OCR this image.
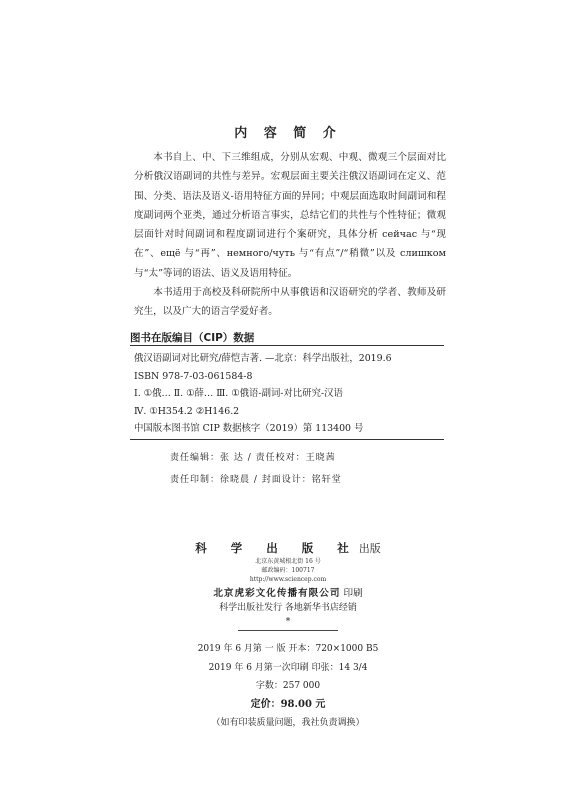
内 容 简 介

本书自上、中、下三维组成，分别从宏观、中观、微观三个层面对比分析俄汉语副词的共性与差异。宏观层面主要关注俄汉语副词在定义、范围、分类、语法及语义-语用特征方面的异同；中观层面选取时间副词和程度副词两个亚类，通过分析语言事实，总结它们的共性与个性特征；微观层面针对时间副词和程度副词进行个案研究，具体分析 сейчас 与“现在”、ещё 与“再”、немного/чуть 与“有点”/“稍微”以及 слишком 与“太”等词的语法、语义及语用特征。

本书适用于高校及科研院所中从事俄语和汉语研究的学者、教师及研究生，以及广大的语言学爱好者。

图书在版编目（CIP）数据
俄汉语副词对比研究/薛恺吉著. —北京：科学出版社，2019.6
ISBN 978-7-03-061584-8
Ⅰ. ①俄… Ⅱ. ①薛… Ⅲ. ①俄语-副词-对比研究-汉语
Ⅳ. ①H354.2 ②H146.2
中国版本图书馆 CIP 数据核字（2019）第 113400 号
责任编辑：张 达 / 责任校对：王晓茜
责任印制：徐晓晨 / 封面设计：铭轩堂
科 学 出 版 社出版
北京东黄城根北街 16 号
邮政编码：100717
http://www.sciencep.com
北京虎彩文化传播有限公司 印刷
科学出版社发行 各地新华书店经销
*
2019 年 6 月第 一 版 开本：720×1000 B5
2019 年 6 月第一次印刷 印张：14 3/4
字数：257 000
定价：98.00 元
（如有印装质量问题，我社负责调换）
